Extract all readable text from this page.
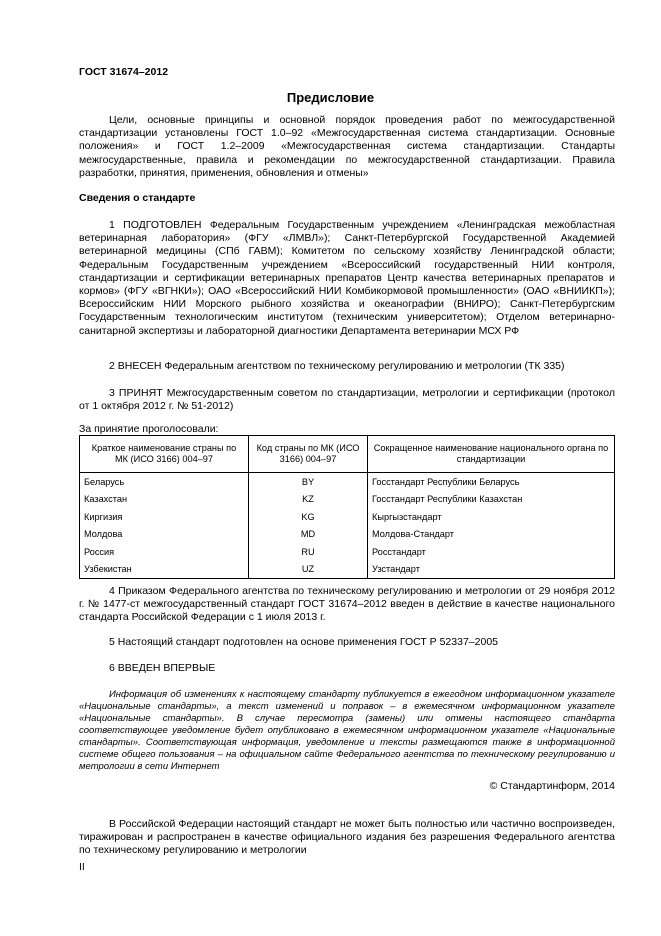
ГОСТ 31674–2012
Предисловие

Цели, основные принципы и основной порядок проведения работ по межгосударственной стандартизации установлены ГОСТ 1.0–92 «Межгосударственная система стандартизации. Основные положения» и ГОСТ 1.2–2009 «Межгосударственная система стандартизации. Стандарты межгосударственные, правила и рекомендации по межгосударственной стандартизации. Правила разработки, принятия, применения, обновления и отмены»

Сведения о стандарте

1 ПОДГОТОВЛЕН Федеральным Государственным учреждением «Ленинградская межобластная ветеринарная лаборатория» (ФГУ «ЛМВЛ»); Санкт-Петербургской Государственной Академией ветеринарной медицины (СПб ГАВМ); Комитетом по сельскому хозяйству Ленинградской области; Федеральным Государственным учреждением «Всероссийский государственный НИИ контроля, стандартизации и сертификации ветеринарных препаратов Центр качества ветеринарных препаратов и кормов» (ФГУ «ВГНКИ»); ОАО «Всероссийский НИИ Комбикормовой промышленности» (ОАО «ВНИИКП»); Всероссийским НИИ Морского рыбного хозяйства и океанографии (ВНИРО); Санкт-Петербургским Государственным технологическим институтом (техническим университетом); Отделом ветеринарно-санитарной экспертизы и лабораторной диагностики Департамента ветеринарии МСХ РФ

2 ВНЕСЕН Федеральным агентством по техническому регулированию и метрологии (ТК 335)

3 ПРИНЯТ Межгосударственным советом по стандартизации, метрологии и сертификации (протокол от 1 октября 2012 г. № 51-2012)

За принятие проголосовали:

Краткое наименование страны по МК (ИСО 3166) 004–97	Код страны по МК (ИСО 3166) 004–97	Сокращенное наименование национального органа по стандартизации
Беларусь	BY	Госстандарт Республики Беларусь
Казахстан	KZ	Госстандарт Республики Казахстан
Киргизия	KG	Кыргызстандарт
Молдова	MD	Молдова-Стандарт
Россия	RU	Росстандарт
Узбекистан	UZ	Узстандарт

4 Приказом Федерального агентства по техническому регулированию и метрологии от 29 ноября 2012 г. № 1477-ст межгосударственный стандарт ГОСТ 31674–2012 введен в действие в качестве национального стандарта Российской Федерации с 1 июля 2013 г.

5 Настоящий стандарт подготовлен на основе применения ГОСТ Р 52337–2005

6 ВВЕДЕН ВПЕРВЫЕ

Информация об изменениях к настоящему стандарту публикуется в ежегодном информационном указателе «Национальные стандарты», а текст изменений и поправок – в ежемесячном информационном указателе «Национальные стандарты». В случае пересмотра (замены) или отмены настоящего стандарта соответствующее уведомление будет опубликовано в ежемесячном информационном указателе «Национальные стандарты». Соответствующая информация, уведомление и тексты размещаются также в информационной системе общего пользования – на официальном сайте Федерального агентства по техническому регулированию и метрологии в сети Интернет

© Стандартинформ, 2014

В Российской Федерации настоящий стандарт не может быть полностью или частично воспроизведен, тиражирован и распространен в качестве официального издания без разрешения Федерального агентства по техническому регулированию и метрологии

II
